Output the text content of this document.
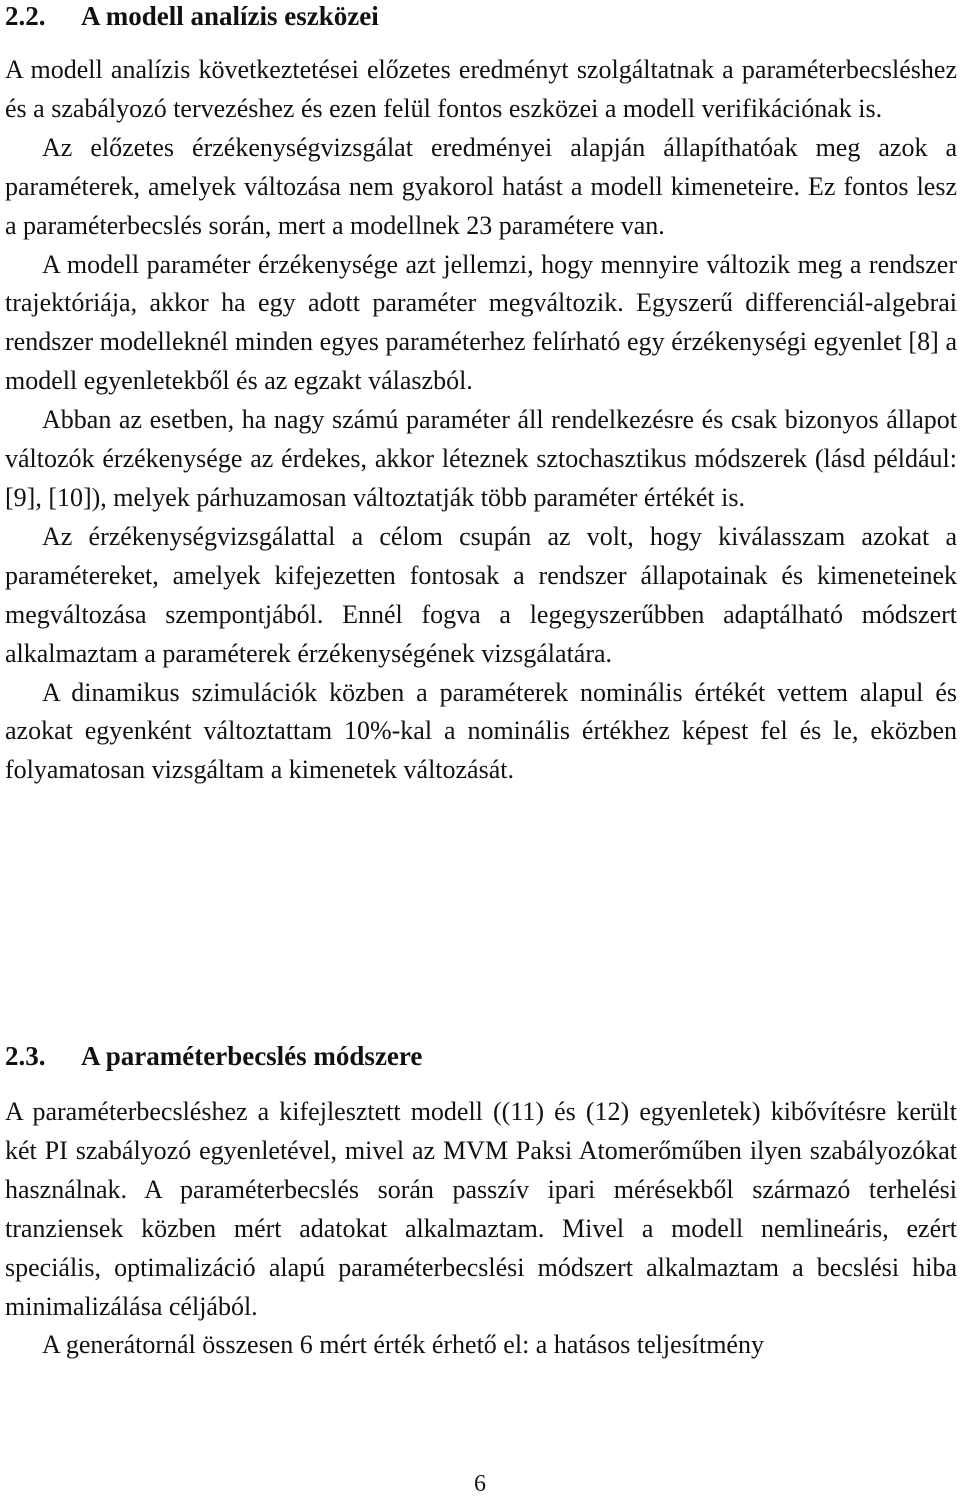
2.2. A modell analízis eszközei

A modell analízis következtetései előzetes eredményt szolgáltatnak a paraméterbecsléshez és a szabályozó tervezéshez és ezen felül fontos eszközei a modell verifikációnak is.

Az előzetes érzékenységvizsgálat eredményei alapján állapíthatóak meg azok a paraméterek, amelyek változása nem gyakorol hatást a modell kimeneteire. Ez fontos lesz a paraméterbecslés során, mert a modellnek 23 paramétere van.

A modell paraméter érzékenysége azt jellemzi, hogy mennyire változik meg a rendszer trajektóriája, akkor ha egy adott paraméter megváltozik. Egyszerű differenciál-algebrai rendszer modelleknél minden egyes paraméterhez felírható egy érzékenységi egyenlet [8] a modell egyenletekből és az egzakt válaszból.

Abban az esetben, ha nagy számú paraméter áll rendelkezésre és csak bizonyos állapot változók érzékenysége az érdekes, akkor léteznek sztochasztikus módszerek (lásd például: [9], [10]), melyek párhuzamosan változtatják több paraméter értékét is.

Az érzékenységvizsgálattal a célom csupán az volt, hogy kiválasszam azokat a paramétereket, amelyek kifejezetten fontosak a rendszer állapotainak és kimeneteinek megváltozása szempontjából. Ennél fogva a legegyszerűbben adaptálható módszert alkalmaztam a paraméterek érzékenységének vizsgálatára.

A dinamikus szimulációk közben a paraméterek nominális értékét vettem alapul és azokat egyenként változtattam 10%-kal a nominális értékhez képest fel és le, eközben folyamatosan vizsgáltam a kimenetek változását.

2.3. A paraméterbecslés módszere

A paraméterbecsléshez a kifejlesztett modell ((11) és (12) egyenletek) kibővítésre került két PI szabályozó egyenletével, mivel az MVM Paksi Atomerőműben ilyen szabályozókat használnak. A paraméterbecslés során passzív ipari mérésekből származó terhelési tranziensek közben mért adatokat alkalmaztam. Mivel a modell nemlineáris, ezért speciális, optimalizáció alapú paraméterbecslési módszert alkalmaztam a becslési hiba minimalizálása céljából.

A generátornál összesen 6 mért érték érhető el: a hatásos teljesítmény

6
